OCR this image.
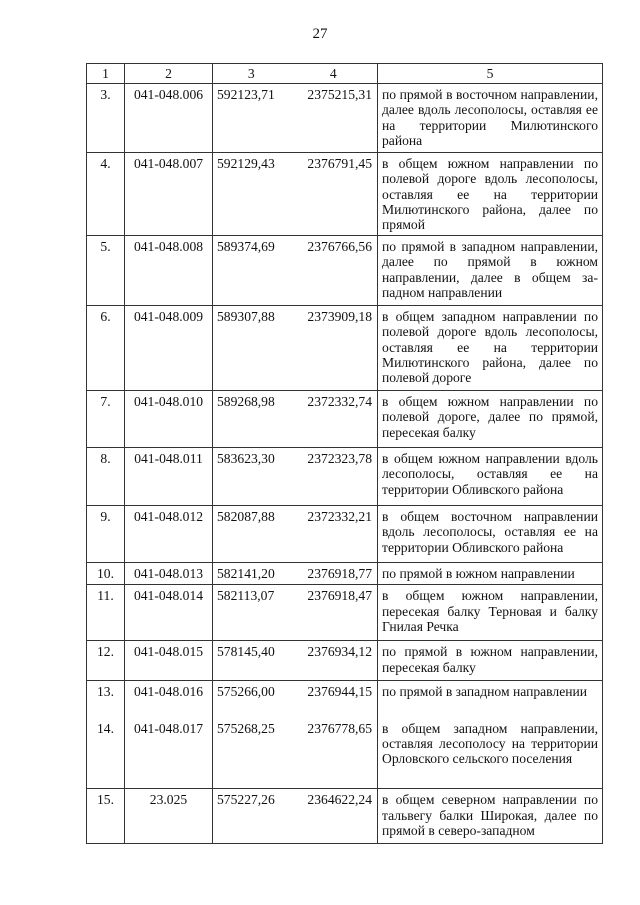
27
1	2	3	4	5
3.	041-048.006	592123,71	2375215,31	по прямой в восточном направлении, далее вдоль лесополосы, оставляя ее на территории Милютинского района
4.	041-048.007	592129,43	2376791,45	в общем южном направлении по полевой дороге вдоль лесополосы, оставляя ее на территории Милютинского района, далее по прямой
5.	041-048.008	589374,69	2376766,56	по прямой в западном направлении, далее по прямой в южном направлении, далее в общем западном направлении
6.	041-048.009	589307,88	2373909,18	в общем западном направлении по полевой дороге вдоль лесополосы, оставляя ее на территории Милютинского района, далее по полевой дороге
7.	041-048.010	589268,98	2372332,74	в общем южном направлении по полевой дороге, далее по прямой, пересекая балку
8.	041-048.011	583623,30	2372323,78	в общем южном направлении вдоль лесополосы, оставляя ее на территории Обливского района
9.	041-048.012	582087,88	2372332,21	в общем восточном направлении вдоль лесополосы, оставляя ее на территории Обливского района
10.	041-048.013	582141,20	2376918,77	по прямой в южном направлении
11.	041-048.014	582113,07	2376918,47	в общем южном направлении, пересекая балку Терновая и балку Гнилая Речка
12.	041-048.015	578145,40	2376934,12	по прямой в южном направлении, пересекая балку
13.	041-048.016	575266,00	2376944,15	по прямой в западном направлении
14.	041-048.017	575268,25	2376778,65	в общем западном направлении, оставляя лесополосу на территории Орловского сельского поселения
15.	23.025	575227,26	2364622,24	в общем северном направлении по тальвегу балки Широкая, далее по прямой в северо-западном
